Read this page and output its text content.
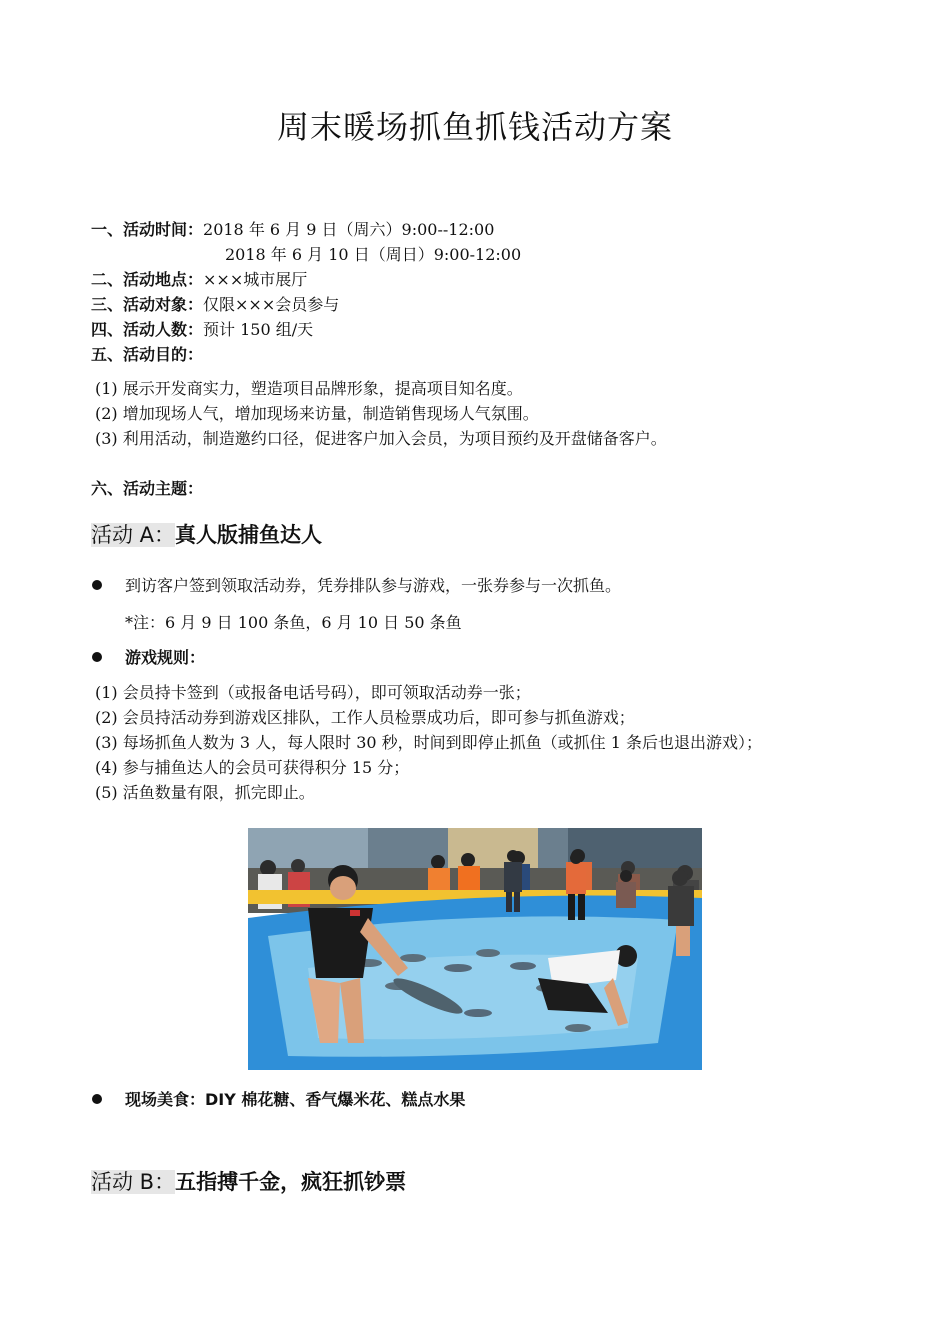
周末暖场抓鱼抓钱活动方案
一、活动时间：2018 年 6 月 9 日（周六）9:00--12:00
2018 年 6 月 10 日（周日）9:00-12:00
二、活动地点：×××城市展厅
三、活动对象：仅限×××会员参与
四、活动人数：预计 150 组/天
五、活动目的：
(1) 展示开发商实力，塑造项目品牌形象，提高项目知名度。
(2) 增加现场人气，增加现场来访量，制造销售现场人气氛围。
(3) 利用活动，制造邀约口径，促进客户加入会员，为项目预约及开盘储备客户。
六、活动主题：
活动 A：真人版捕鱼达人
到访客户签到领取活动券，凭券排队参与游戏，一张券参与一次抓鱼。
*注：6 月 9 日 100 条鱼，6 月 10 日 50 条鱼
游戏规则：
(1) 会员持卡签到（或报备电话号码），即可领取活动券一张；
(2) 会员持活动券到游戏区排队，工作人员检票成功后，即可参与抓鱼游戏；
(3) 每场抓鱼人数为 3 人，每人限时 30 秒，时间到即停止抓鱼（或抓住 1 条后也退出游戏）；
(4) 参与捕鱼达人的会员可获得积分 15 分；
(5) 活鱼数量有限，抓完即止。
现场美食：DIY 棉花糖、香气爆米花、糕点水果
活动 B：五指搏千金，疯狂抓钞票
